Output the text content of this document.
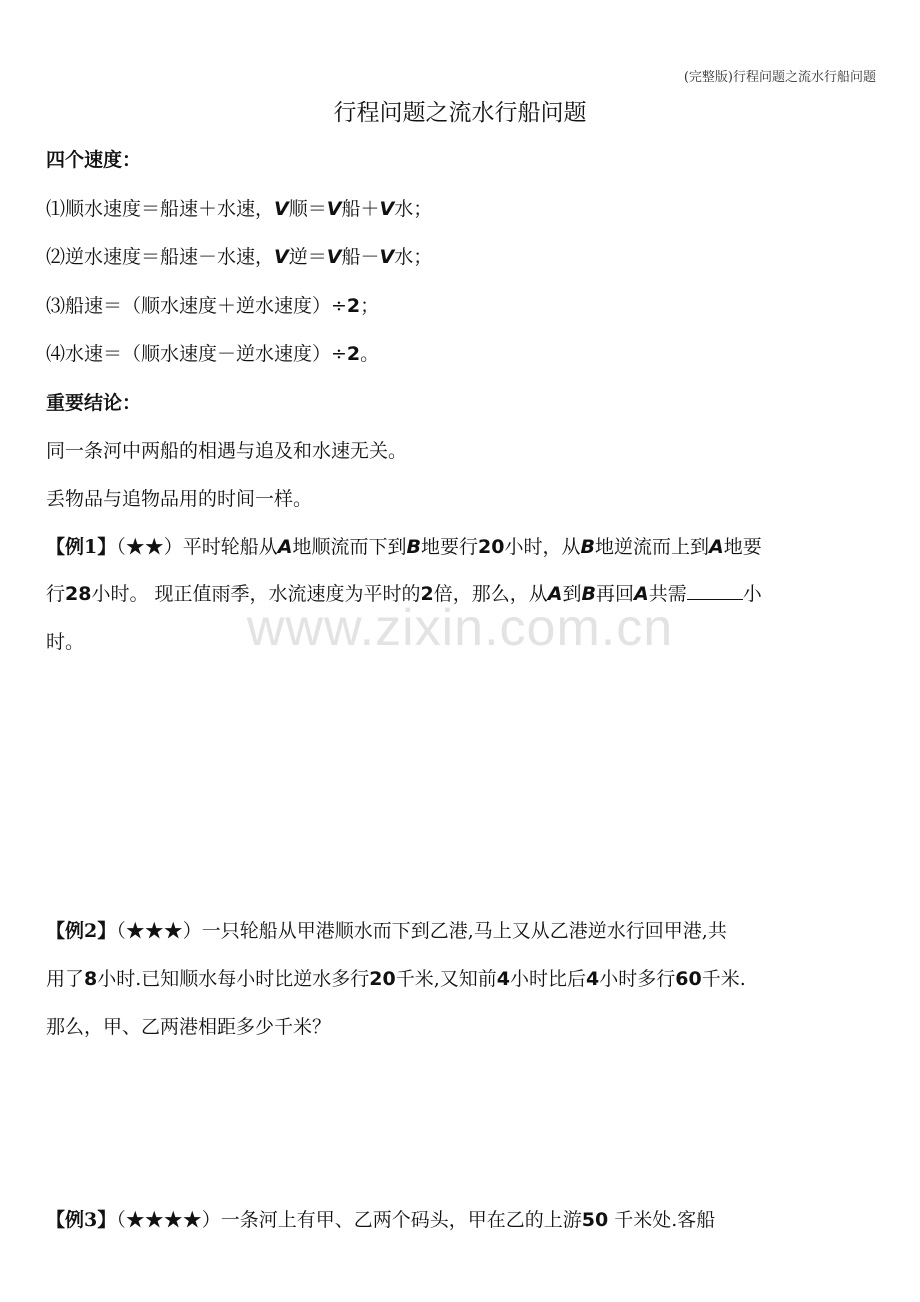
(完整版)行程问题之流水行船问题
行程问题之流水行船问题
四个速度：
⑴顺水速度＝船速＋水速，V顺＝V船＋V水；
⑵逆水速度＝船速－水速，V逆＝V船－V水；
⑶船速＝（顺水速度＋逆水速度）÷2；
⑷水速＝（顺水速度－逆水速度）÷2。
重要结论：
同一条河中两船的相遇与追及和水速无关。
丢物品与追物品用的时间一样。
【例1】（★★）平时轮船从A地顺流而下到B地要行20小时，从B地逆流而上到A地要
行28小时。 现正值雨季，水流速度为平时的2倍，那么，从A到B再回A共需	小
时。
【例2】（★★★）一只轮船从甲港顺水而下到乙港,马上又从乙港逆水行回甲港,共
用了8小时.已知顺水每小时比逆水多行20千米,又知前4小时比后4小时多行60千米.
那么，甲、乙两港相距多少千米？
【例3】（★★★★）一条河上有甲、乙两个码头，甲在乙的上游50 千米处.客船
www.zixin.com.cn
